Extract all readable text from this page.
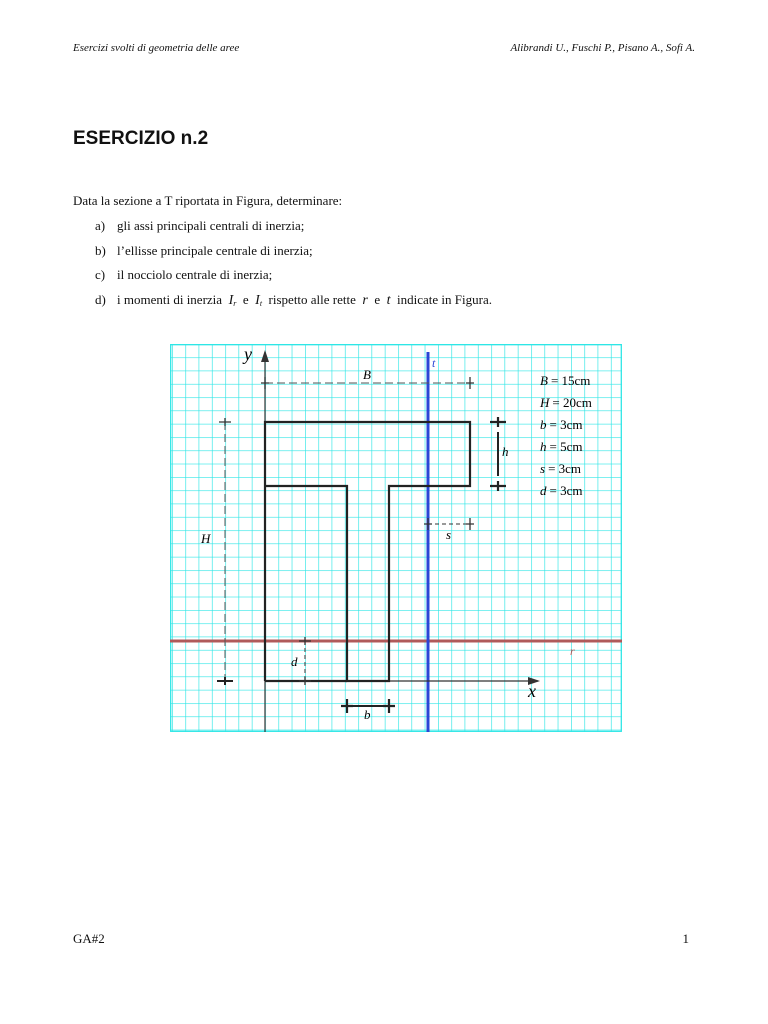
Esercizi svolti di geometria delle aree	Alibrandi U., Fuschi P., Pisano A., Sofi A.
ESERCIZIO n.2
Data la sezione a T riportata in Figura, determinare:
a) gli assi principali centrali di inerzia;
b) l’ellisse principale centrale di inerzia;
c) il nocciolo centrale di inerzia;
d) i momenti di inerzia $I_r$ e $I_t$ rispetto alle rette r e t indicate in Figura.
y
x
t
r
B
H
h
s
d
b
B = 15cm
H = 20cm
b = 3cm
h = 5cm
s = 3cm
d = 3cm
GA#2	1
